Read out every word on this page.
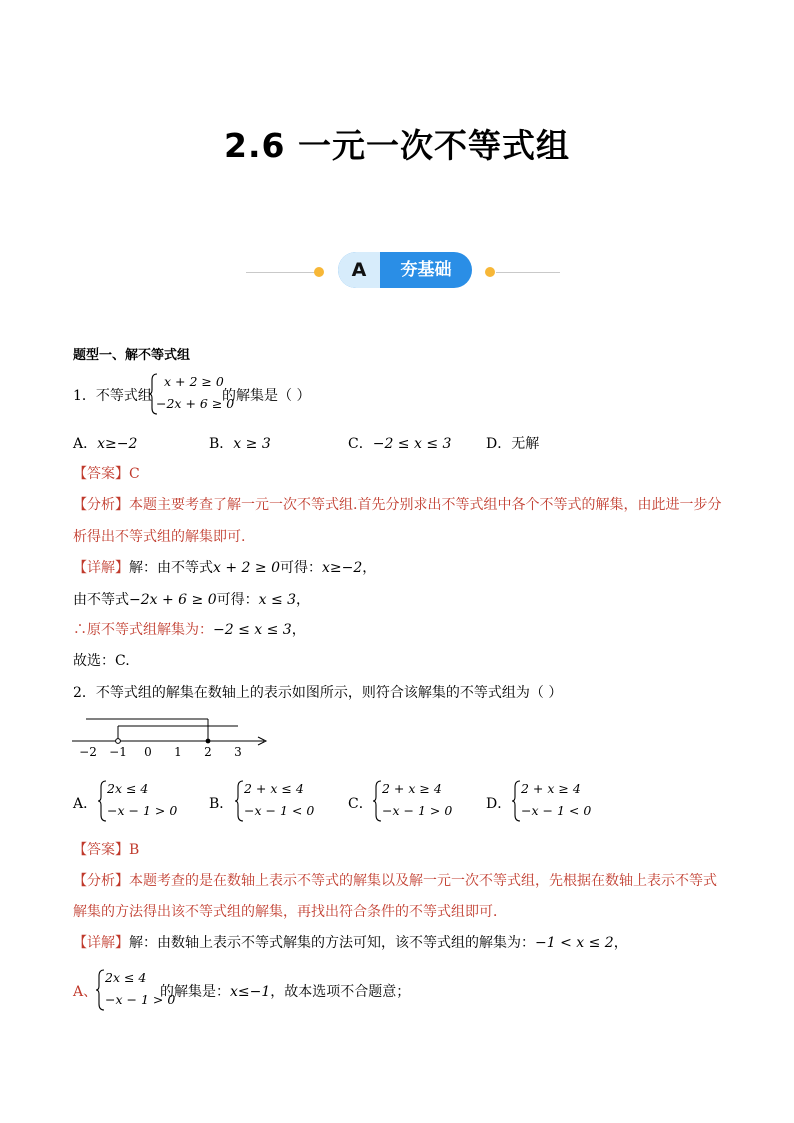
2.6 一元一次不等式组
A	夯基础
题型一、解不等式组
1．不等式组
x + 2 ≥ 0
−2x + 6 ≥ 0
的解集是（ ）
A．x≥−2	B．x ≥ 3	C．−2 ≤ x ≤ 3 D．无解
【答案】C
【分析】本题主要考查了解一元一次不等式组.首先分别求出不等式组中各个不等式的解集，由此进一步分
析得出不等式组的解集即可.
【详解】解：由不等式x + 2 ≥ 0可得：x≥−2，
由不等式−2x + 6 ≥ 0可得：x ≤ 3，
∴原不等式组解集为：−2 ≤ x ≤ 3，
故选：C.
2．不等式组的解集在数轴上的表示如图所示，则符合该解集的不等式组为（ ）
−2 −1 0 1 2 3
A．
2x ≤ 4
−x − 1 > 0 B．
2 + x ≤ 4
−x − 1 < 0 C．
2 + x ≥ 4
−x − 1 > 0 D．
2 + x ≥ 4
−x − 1 < 0
【答案】B
【分析】本题考查的是在数轴上表示不等式的解集以及解一元一次不等式组，先根据在数轴上表示不等式
解集的方法得出该不等式组的解集，再找出符合条件的不等式组即可．
【详解】解：由数轴上表示不等式解集的方法可知，该不等式组的解集为：−1 < x ≤ 2，
A、
2x ≤ 4
−x − 1 > 0
的解集是：x≤−1，故本选项不合题意；
